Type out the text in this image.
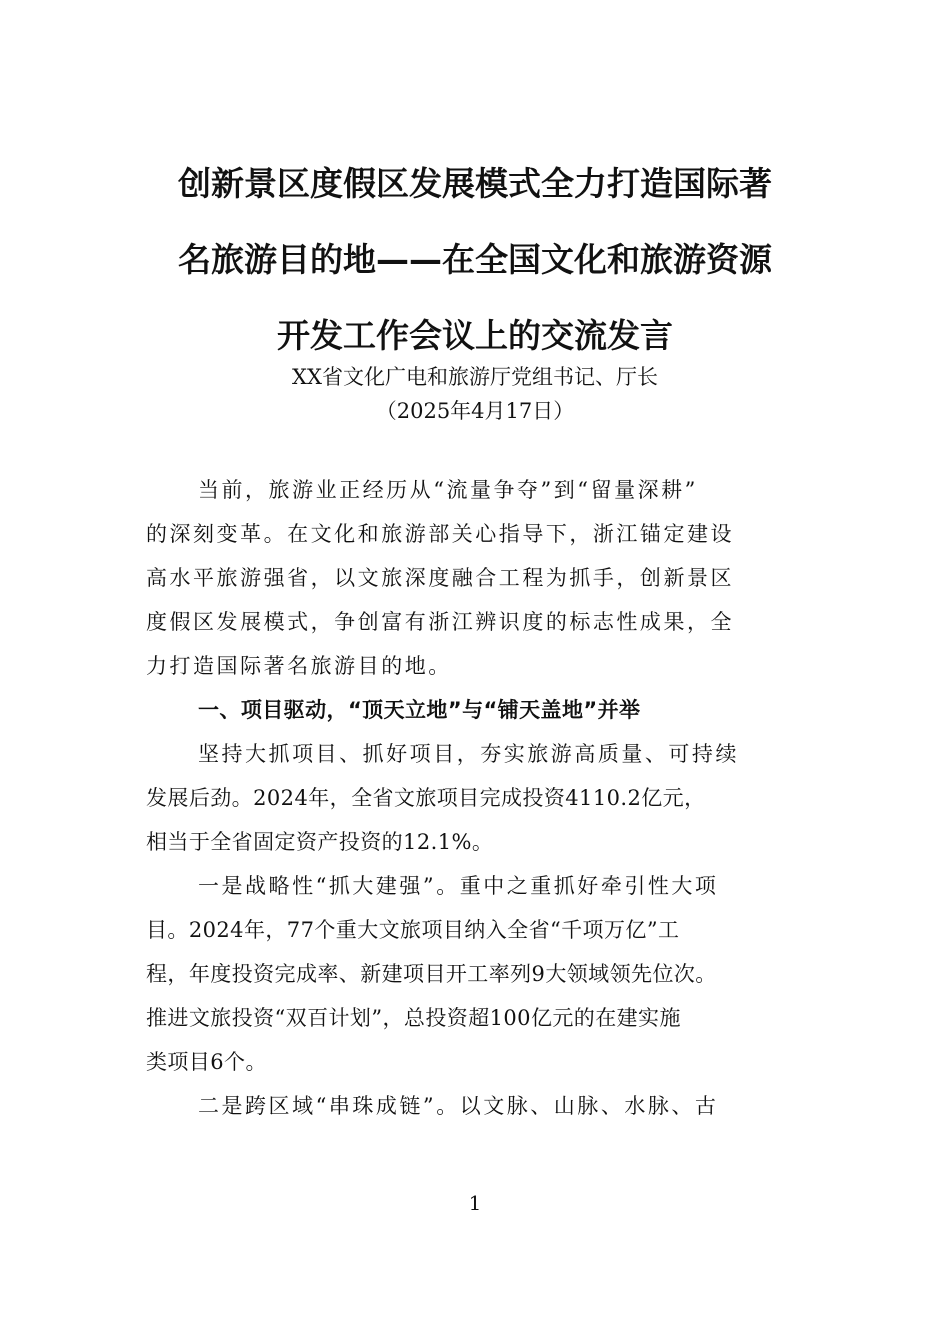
创新景区度假区发展模式全力打造国际著
名旅游目的地——在全国文化和旅游资源
开发工作会议上的交流发言
XX省文化广电和旅游厅党组书记、厅长
（2025年4月17日）
当前，旅游业正经历从“流量争夺”到“留量深耕”
的深刻变革。在文化和旅游部关心指导下，浙江锚定建设
高水平旅游强省，以文旅深度融合工程为抓手，创新景区
度假区发展模式，争创富有浙江辨识度的标志性成果，全
力打造国际著名旅游目的地。
一、项目驱动，“顶天立地”与“铺天盖地”并举
坚持大抓项目、抓好项目，夯实旅游高质量、可持续
发展后劲。2024年，全省文旅项目完成投资4110.2亿元，
相当于全省固定资产投资的12.1%。
一是战略性“抓大建强”。重中之重抓好牵引性大项
目。2024年，77个重大文旅项目纳入全省“千项万亿”工
程，年度投资完成率、新建项目开工率列9大领域领先位次。
推进文旅投资“双百计划”，总投资超100亿元的在建实施
类项目6个。
二是跨区域“串珠成链”。以文脉、山脉、水脉、古
1
